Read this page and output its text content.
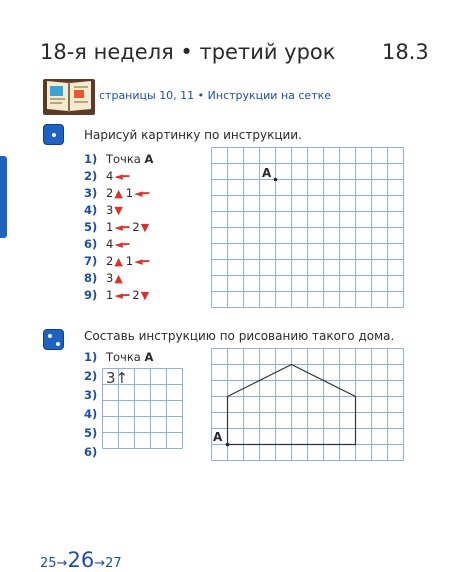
18-я неделя • третий урок 18.3
страницы 10, 11 • Инструкции на сетке
Нарисуй картинку по инструкции.
1) Точка
A
2) 4 ◄━
3) 2 ▲ 1 ◄━
4) 3 ▼
5) 1 ◄━ 2 ▼
6) 4 ◄━
7) 2 ▲ 1 ◄━
8) 3 ▲
9) 1 ◄━ 2 ▼
A
Составь инструкцию по рисованию такого дома.
1) Точка
A
2)
3)
4)
5)
6)
3↑
A
25→26→27
